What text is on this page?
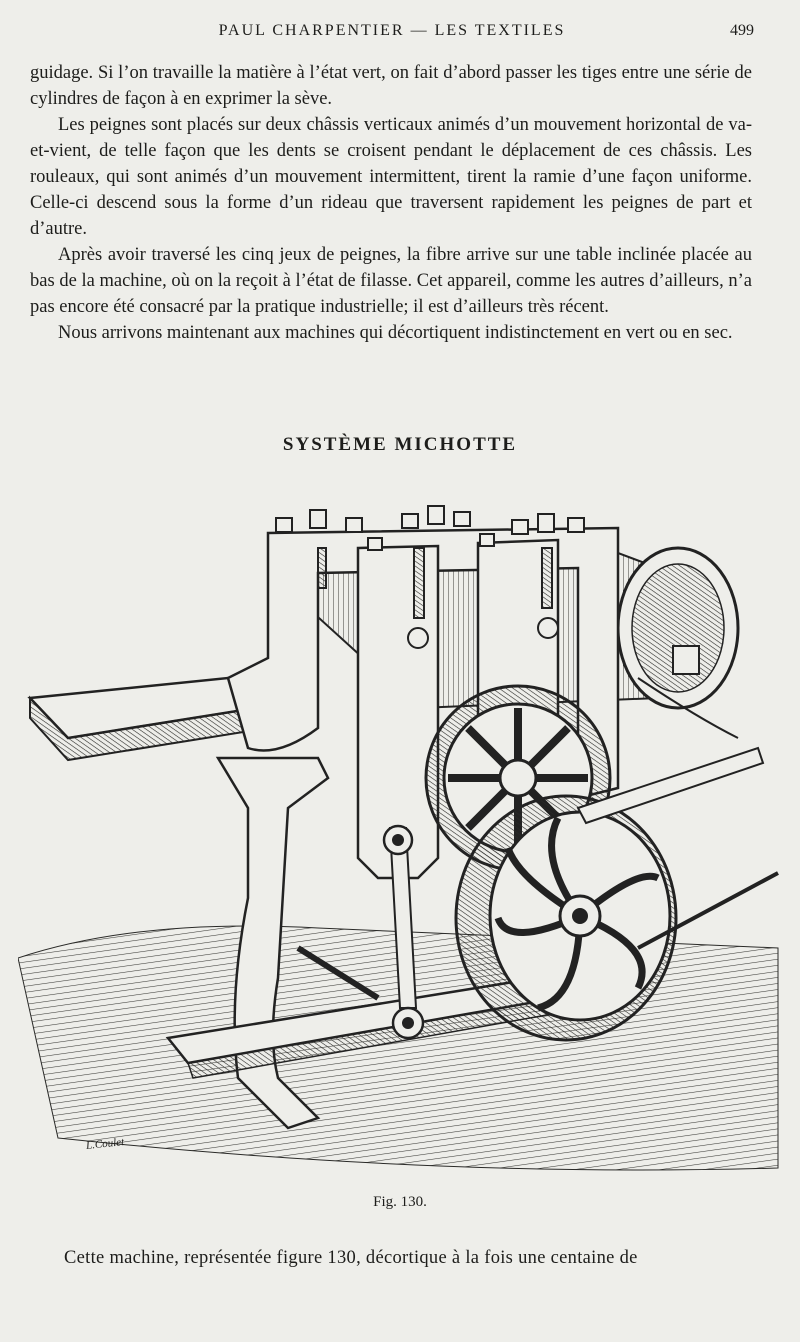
PAUL CHARPENTIER — LES TEXTILES	499

guidage. Si l’on travaille la matière à l’état vert, on fait d’abord passer les tiges entre une série de cylindres de façon à en exprimer la sève.

Les peignes sont placés sur deux châssis verticaux animés d’un mouvement horizontal de va-et-vient, de telle façon que les dents se croisent pendant le déplacement de ces châssis. Les rouleaux, qui sont animés d’un mouvement intermittent, tirent la ramie d’une façon uniforme. Celle-ci descend sous la forme d’un rideau que traversent rapidement les peignes de part et d’autre.

Après avoir traversé les cinq jeux de peignes, la fibre arrive sur une table inclinée placée au bas de la machine, où on la reçoit à l’état de filasse. Cet appareil, comme les autres d’ailleurs, n’a pas encore été consacré par la pratique industrielle; il est d’ailleurs très récent.

Nous arrivons maintenant aux machines qui décortiquent indistinctement en vert ou en sec.

SYSTÈME MICHOTTE
L.Coulet
Fig. 130.
Cette machine, représentée figure 130, décortique à la fois une centaine de
